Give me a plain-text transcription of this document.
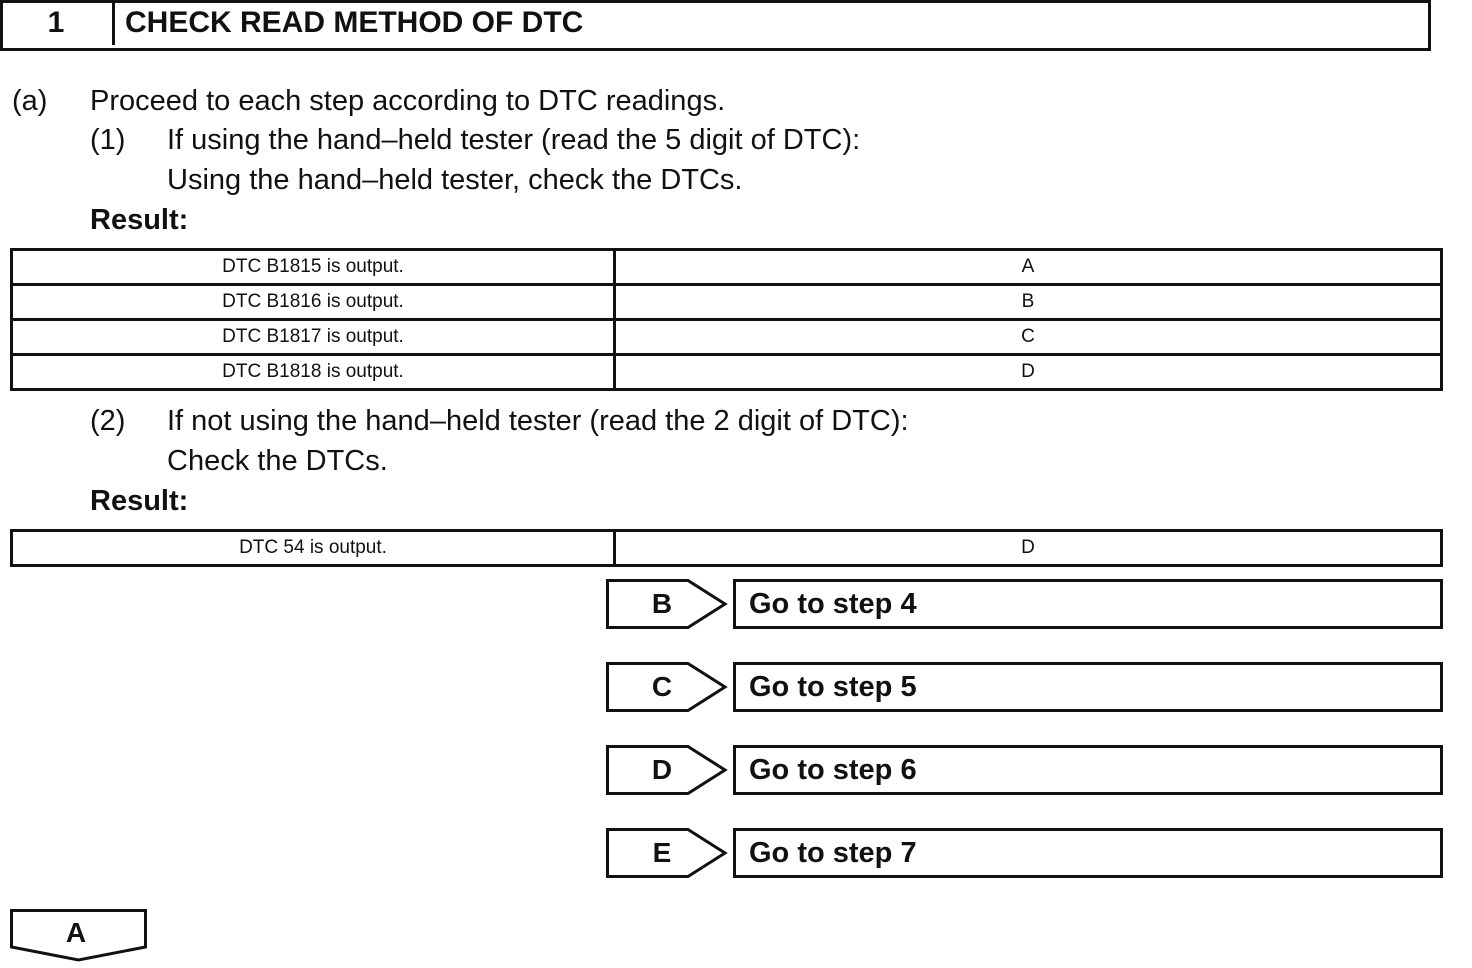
1	CHECK READ METHOD OF DTC
(a) Proceed to each step according to DTC readings.
(1) If using the hand–held tester (read the 5 digit of DTC):
Using the hand–held tester, check the DTCs.
Result:
DTC B1815 is output.	A
DTC B1816 is output.	B
DTC B1817 is output.	C
DTC B1818 is output.	D
(2) If not using the hand–held tester (read the 2 digit of DTC):
Check the DTCs.
Result:
DTC 54 is output.	D
B	Go to step 4
C	Go to step 5
D	Go to step 6
E	Go to step 7
A
